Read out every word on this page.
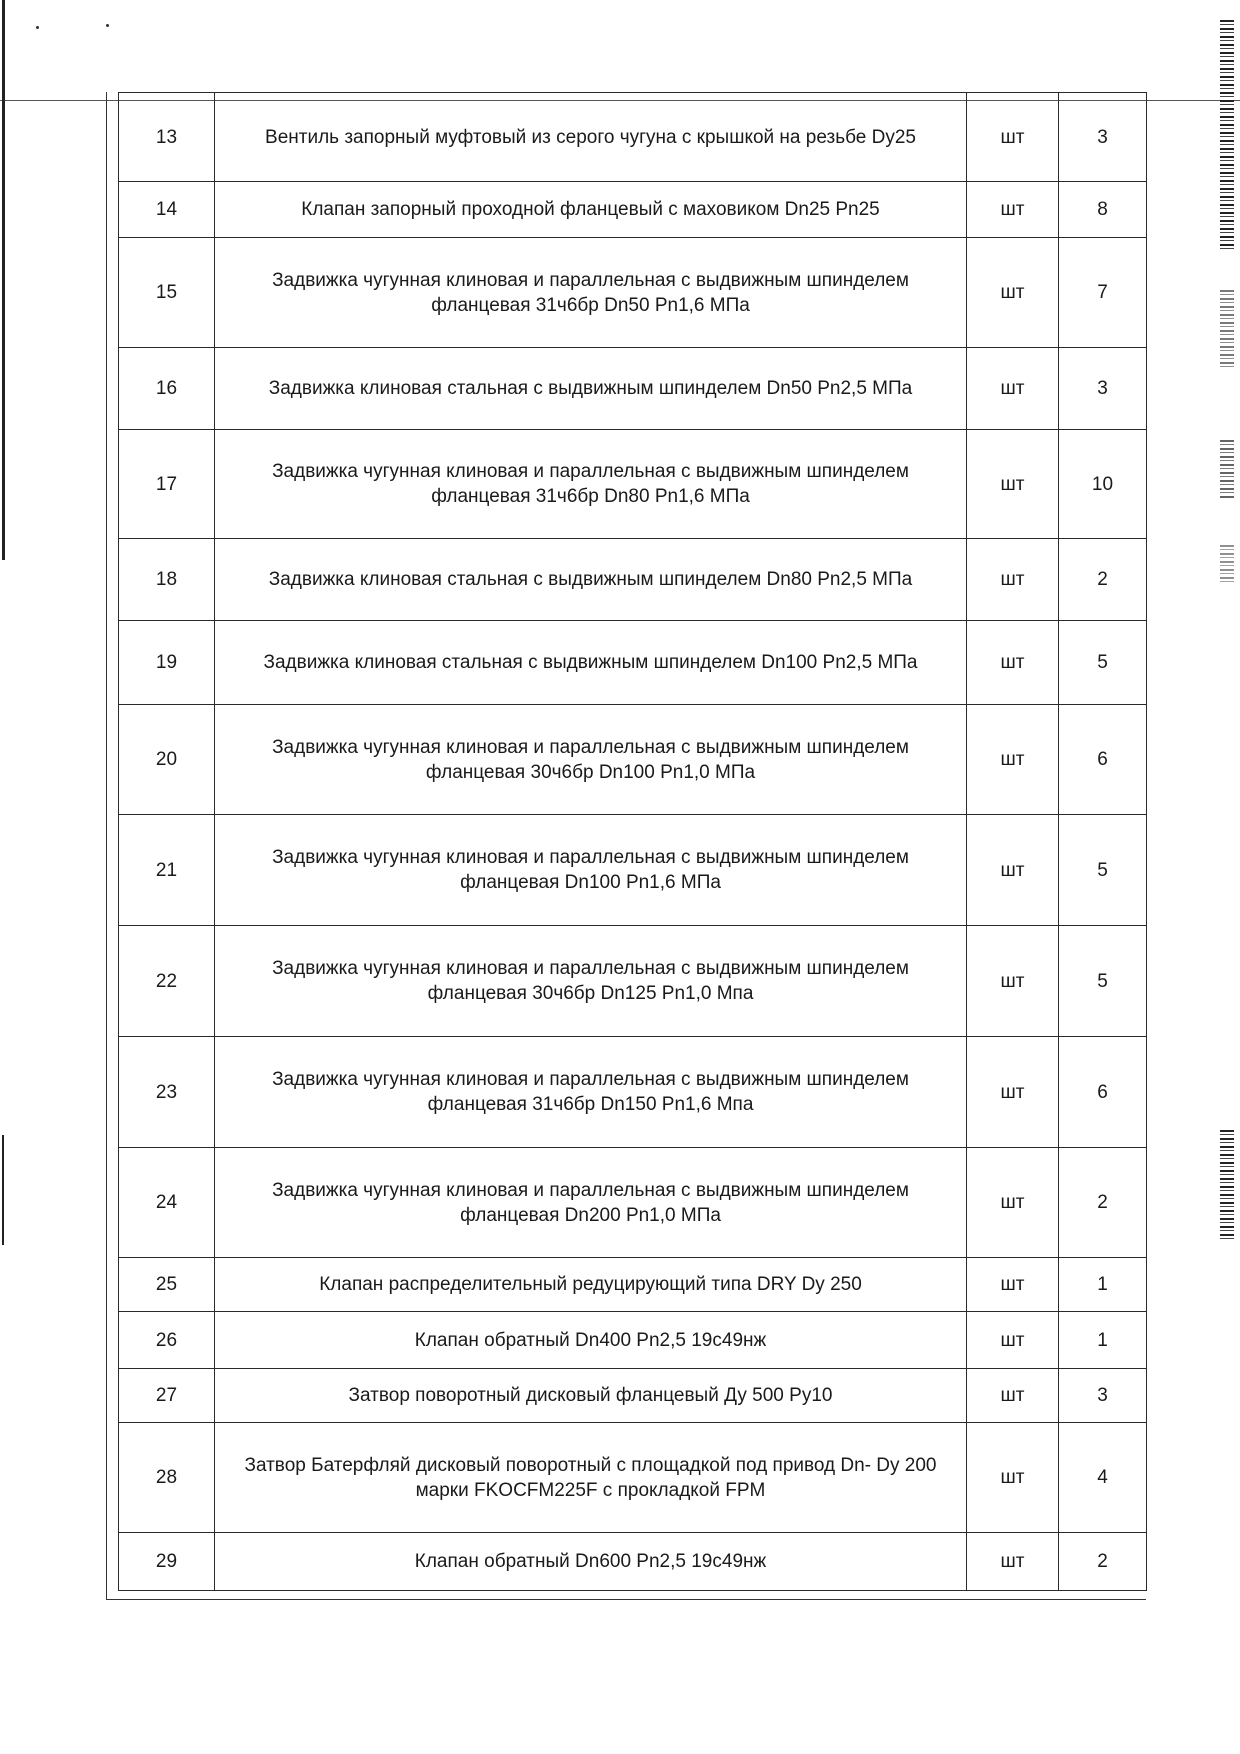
13	Вентиль запорный муфтовый из серого чугуна с крышкой на резьбе Dy25	шт	3
14	Клапан запорный проходной фланцевый с маховиком Dn25 Pn25	шт	8
15	Задвижка чугунная клиновая и параллельная с выдвижным шпинделем фланцевая 31ч6бр Dn50 Pn1,6 МПа	шт	7
16	Задвижка клиновая стальная с выдвижным шпинделем Dn50 Pn2,5 МПа	шт	3
17	Задвижка чугунная клиновая и параллельная с выдвижным шпинделем фланцевая 31ч6бр Dn80 Pn1,6 МПа	шт	10
18	Задвижка клиновая стальная с выдвижным шпинделем Dn80 Pn2,5 МПа	шт	2
19	Задвижка клиновая стальная с выдвижным шпинделем Dn100 Pn2,5 МПа	шт	5
20	Задвижка чугунная клиновая и параллельная с выдвижным шпинделем фланцевая 30ч6бр Dn100 Pn1,0 МПа	шт	6
21	Задвижка чугунная клиновая и параллельная с выдвижным шпинделем фланцевая Dn100 Pn1,6 МПа	шт	5
22	Задвижка чугунная клиновая и параллельная с выдвижным шпинделем фланцевая 30ч6бр Dn125 Pn1,0 Мпа	шт	5
23	Задвижка чугунная клиновая и параллельная с выдвижным шпинделем фланцевая 31ч6бр Dn150 Pn1,6 Мпа	шт	6
24	Задвижка чугунная клиновая и параллельная с выдвижным шпинделем фланцевая Dn200 Pn1,0 МПа	шт	2
25	Клапан распределительный редуцирующий типа DRY Dy 250	шт	1
26	Клапан обратный Dn400 Pn2,5 19с49нж	шт	1
27	Затвор поворотный дисковый фланцевый Ду 500 Ру10	шт	3
28	Затвор Батерфляй дисковый поворотный с площадкой под привод Dn- Dy 200 марки FKOCFM225F с прокладкой FPM	шт	4
29	Клапан обратный Dn600 Pn2,5 19с49нж	шт	2
